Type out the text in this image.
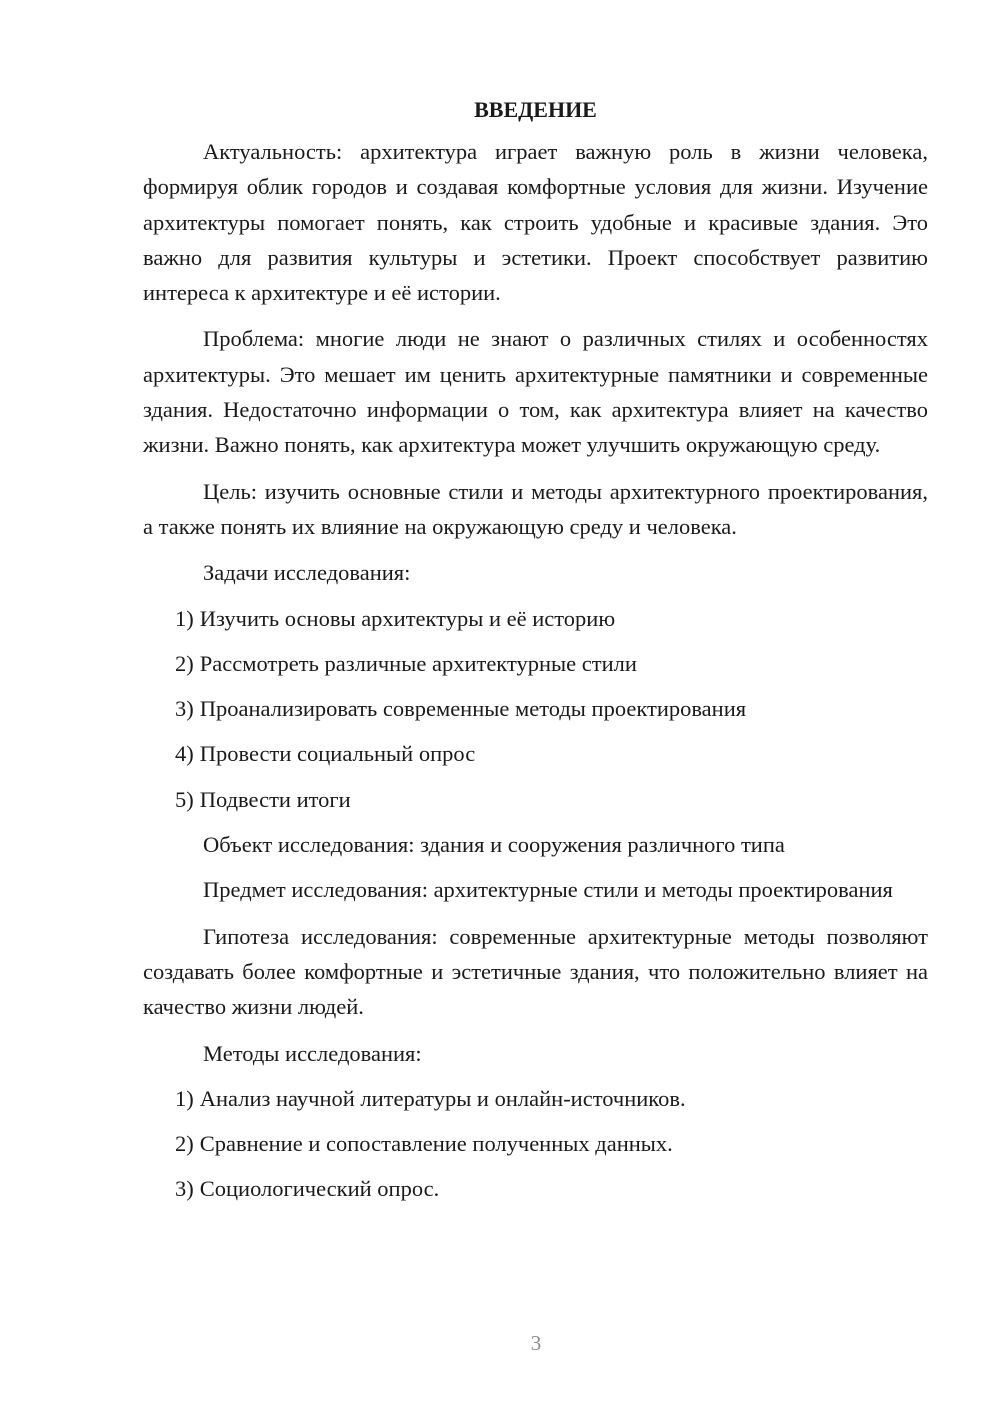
ВВЕДЕНИЕ

Актуальность: архитектура играет важную роль в жизни человека, формируя облик городов и создавая комфортные условия для жизни. Изучение архитектуры помогает понять, как строить удобные и красивые здания. Это важно для развития культуры и эстетики. Проект способствует развитию интереса к архитектуре и её истории.

Проблема: многие люди не знают о различных стилях и особенностях архитектуры. Это мешает им ценить архитектурные памятники и современные здания. Недостаточно информации о том, как архитектура влияет на качество жизни. Важно понять, как архитектура может улучшить окружающую среду.

Цель: изучить основные стили и методы архитектурного проектирования, а также понять их влияние на окружающую среду и человека.

Задачи исследования:

1) Изучить основы архитектуры и её историю

2) Рассмотреть различные архитектурные стили

3) Проанализировать современные методы проектирования

4) Провести социальный опрос

5) Подвести итоги

Объект исследования: здания и сооружения различного типа

Предмет исследования: архитектурные стили и методы проектирования

Гипотеза исследования: современные архитектурные методы позволяют создавать более комфортные и эстетичные здания, что положительно влияет на качество жизни людей.

Методы исследования:

1) Анализ научной литературы и онлайн-источников.

2) Сравнение и сопоставление полученных данных.

3) Социологический опрос.

3
